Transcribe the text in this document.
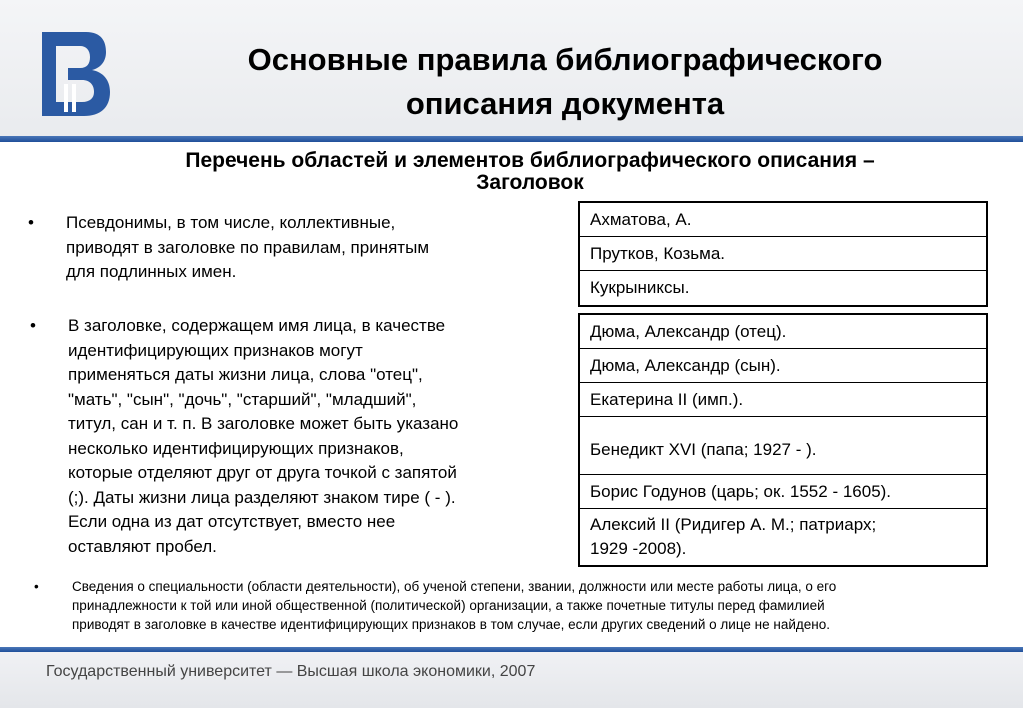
Основные правила библиографического
описания документа
Перечень областей и элементов библиографического описания –
Заголовок
• Псевдонимы, в том числе, коллективные,
приводят в заголовке по правилам, принятым
для подлинных имен.
• В заголовке, содержащем имя лица, в качестве
идентифицирующих признаков могут
применяться даты жизни лица, слова "отец",
"мать", "сын", "дочь", "старший", "младший",
титул, сан и т. п. В заголовке может быть указано
несколько идентифицирующих признаков,
которые отделяют друг от друга точкой с запятой
(;). Даты жизни лица разделяют знаком тире ( - ).
Если одна из дат отсутствует, вместо нее
оставляют пробел.
Ахматова, А.
Прутков, Козьма.
Кукрыниксы.
Дюма, Александр (отец).
Дюма, Александр (сын).
Екатерина II (имп.).
Бенедикт XVI (папа; 1927 - ).
Борис Годунов (царь; ок. 1552 - 1605).
Алексий II (Ридигер А. М.; патриарх;
1929 -2008).
• Сведения о специальности (области деятельности), об ученой степени, звании, должности или месте работы лица, о его
принадлежности к той или иной общественной (политической) организации, а также почетные титулы перед фамилией
приводят в заголовке в качестве идентифицирующих признаков в том случае, если других сведений о лице не найдено.
Государственный университет — Высшая школа экономики, 2007
